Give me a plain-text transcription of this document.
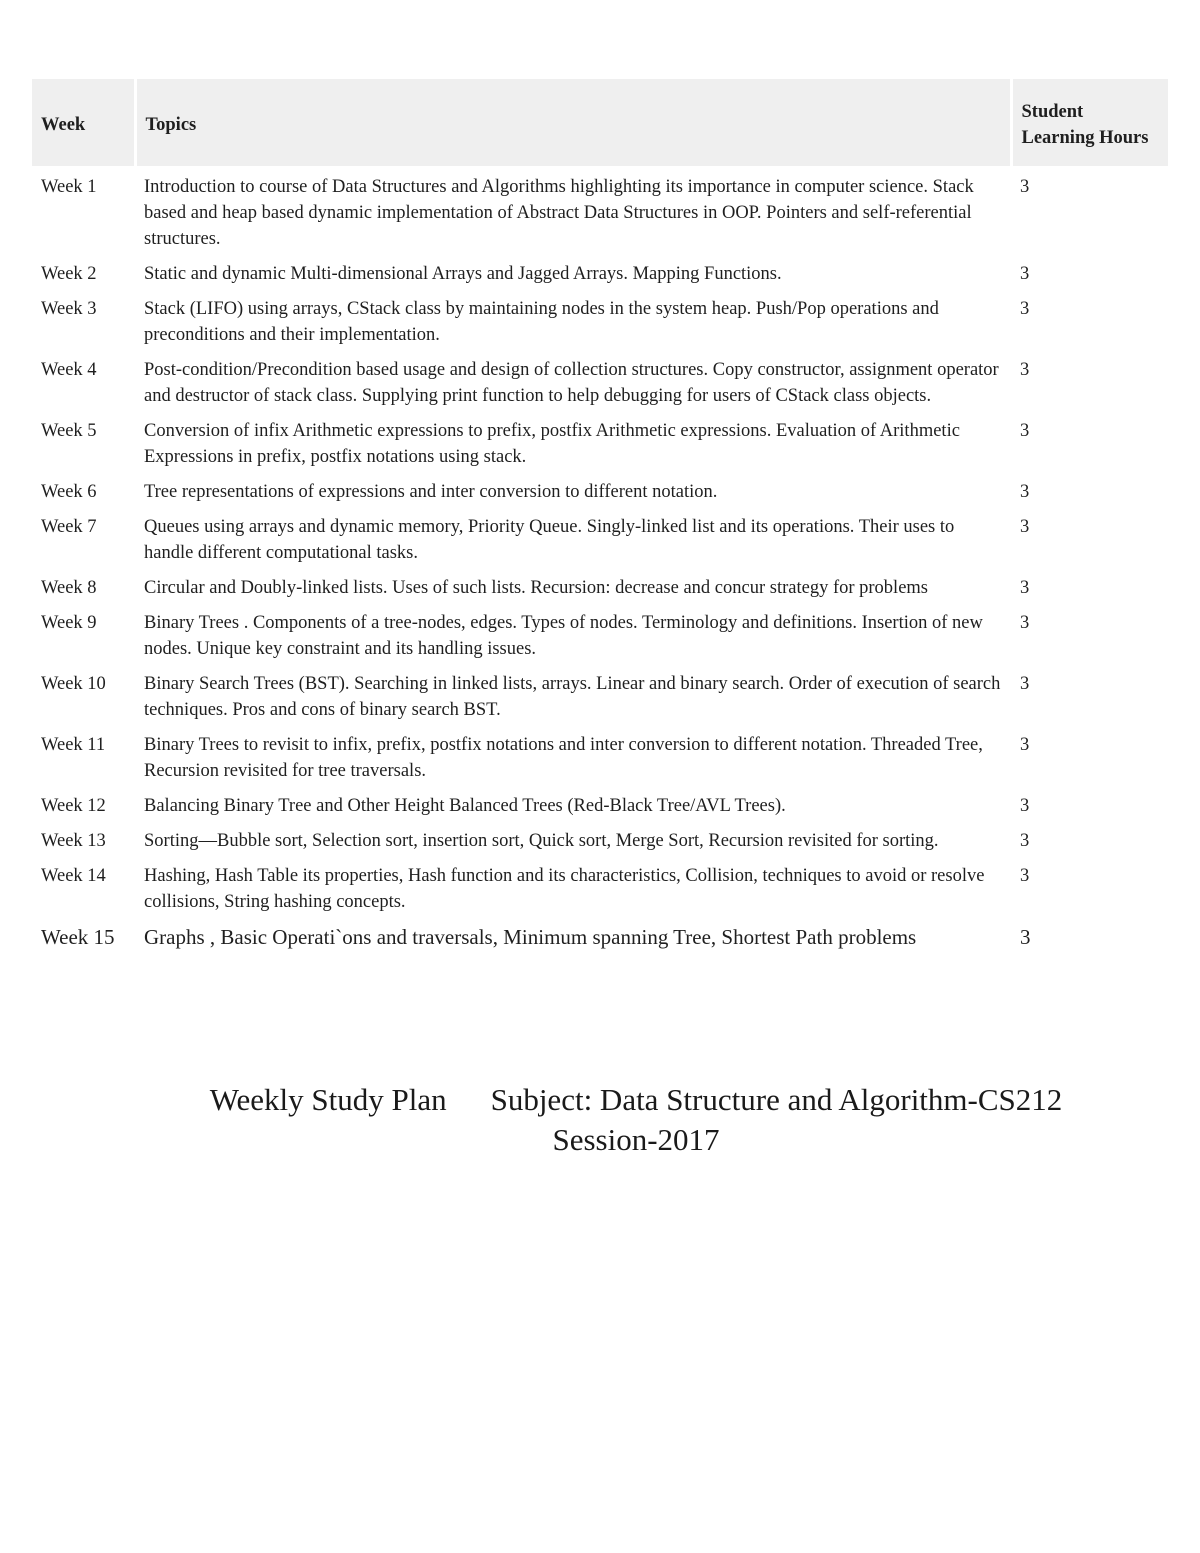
Week	Topics	Student Learning Hours
Week 1	Introduction to course of Data Structures and Algorithms highlighting its importance in computer science. Stack based and heap based dynamic implementation of Abstract Data Structures in OOP. Pointers and self-referential structures.	3
Week 2	Static and dynamic Multi-dimensional Arrays and Jagged Arrays. Mapping Functions.	3
Week 3	Stack (LIFO) using arrays, CStack class by maintaining nodes in the system heap. Push/Pop operations and preconditions and their implementation.	3
Week 4	Post-condition/Precondition based usage and design of collection structures. Copy constructor, assignment operator and destructor of stack class. Supplying print function to help debugging for users of CStack class objects.	3
Week 5	Conversion of infix Arithmetic expressions to prefix, postfix Arithmetic expressions. Evaluation of Arithmetic Expressions in prefix, postfix notations using stack.	3
Week 6	Tree representations of expressions and inter conversion to different notation.	3
Week 7	Queues using arrays and dynamic memory, Priority Queue. Singly-linked list and its operations. Their uses to handle different computational tasks.	3
Week 8	Circular and Doubly-linked lists. Uses of such lists. Recursion: decrease and concur strategy for problems	3
Week 9	Binary Trees . Components of a tree-nodes, edges. Types of nodes. Terminology and definitions. Insertion of new nodes. Unique key constraint and its handling issues.	3
Week 10	Binary Search Trees (BST). Searching in linked lists, arrays. Linear and binary search. Order of execution of search techniques. Pros and cons of binary search BST.	3
Week 11	Binary Trees to revisit to infix, prefix, postfix notations and inter conversion to different notation. Threaded Tree, Recursion revisited for tree traversals.	3
Week 12	Balancing Binary Tree and Other Height Balanced Trees (Red-Black Tree/AVL Trees).	3
Week 13	Sorting—Bubble sort, Selection sort, insertion sort, Quick sort, Merge Sort, Recursion revisited for sorting.	3
Week 14	Hashing, Hash Table its properties, Hash function and its characteristics, Collision, techniques to avoid or resolve collisions, String hashing concepts.	3
Week 15	Graphs , Basic Operati`ons and traversals, Minimum spanning Tree, Shortest Path problems	3
Weekly Study Plan Subject: Data Structure and Algorithm-CS212
Session-2017
